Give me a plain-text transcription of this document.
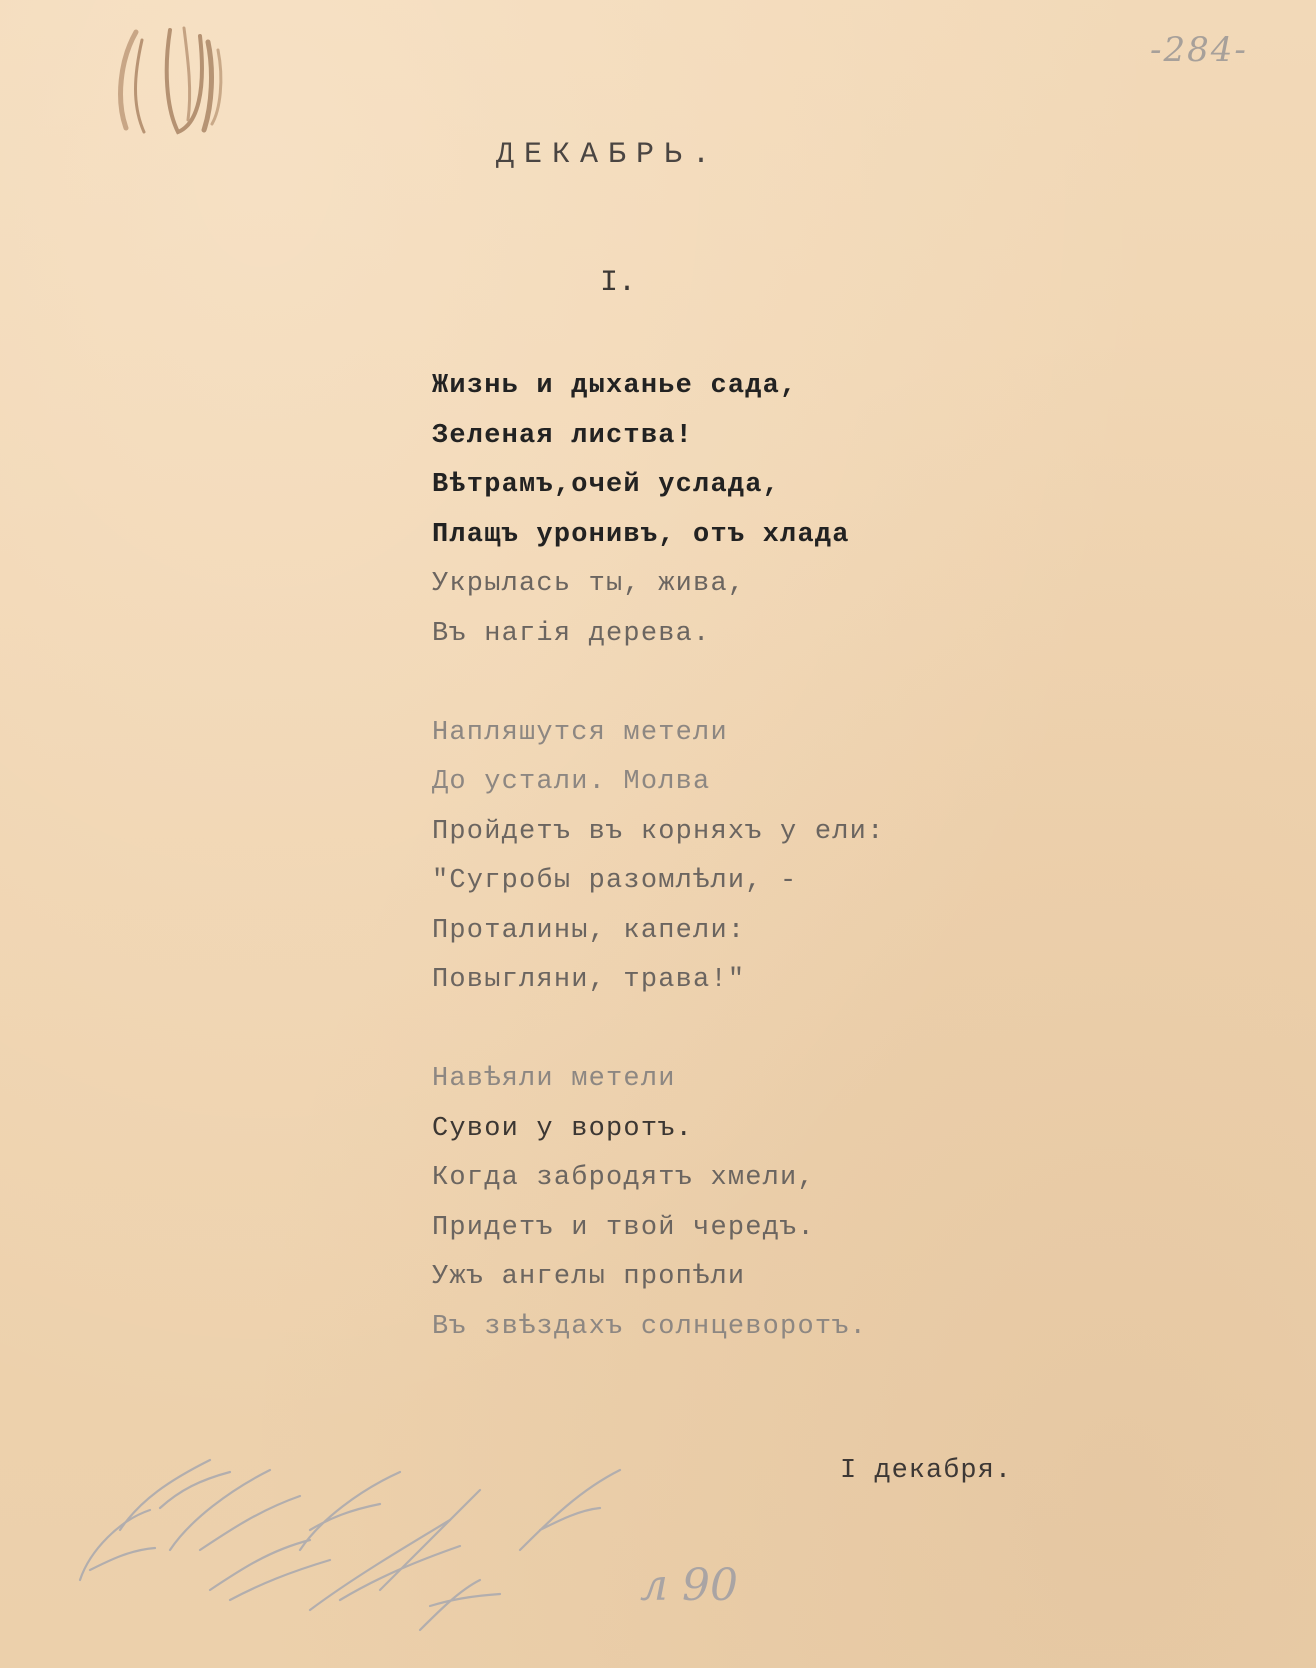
-284-
ДЕКАБРЬ.
I.
Жизнь и дыханье сада,
Зеленая листва!
Вѣтрамъ,очей услада,
Плащъ уронивъ, отъ хлада
Укрылась ты, жива,
Въ нагія дерева.
Напляшутся метели
До устали. Молва
Пройдетъ въ корняхъ у ели:
"Сугробы разомлѣли, -
Проталины, капели:
Повыгляни, трава!"
Навѣяли метели
Сувои у воротъ.
Когда забродятъ хмели,
Придетъ и твой чередъ.
Ужъ ангелы пропѣли
Въ звѣздахъ солнцеворотъ.
I декабря.
л 90
